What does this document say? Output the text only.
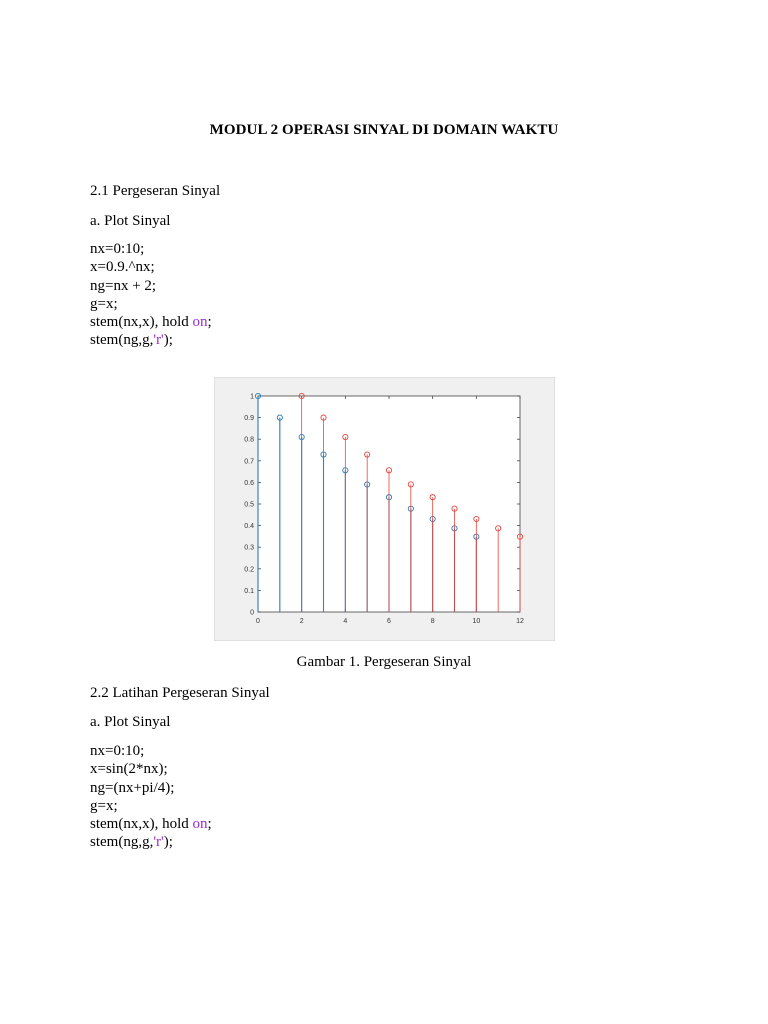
MODUL 2 OPERASI SINYAL DI DOMAIN WAKTU
2.1 Pergeseran Sinyal
a. Plot Sinyal
nx=0:10;
x=0.9.^nx;
ng=nx + 2;
g=x;
stem(nx,x), hold on;
stem(ng,g,'r');
0
0.1
0.2
0.3
0.4
0.5
0.6
0.7
0.8
0.9
1
0	2	4	6	8	10	12
Gambar 1. Pergeseran Sinyal
2.2 Latihan Pergeseran Sinyal
a. Plot Sinyal
nx=0:10;
x=sin(2*nx);
ng=(nx+pi/4);
g=x;
stem(nx,x), hold on;
stem(ng,g,'r');
